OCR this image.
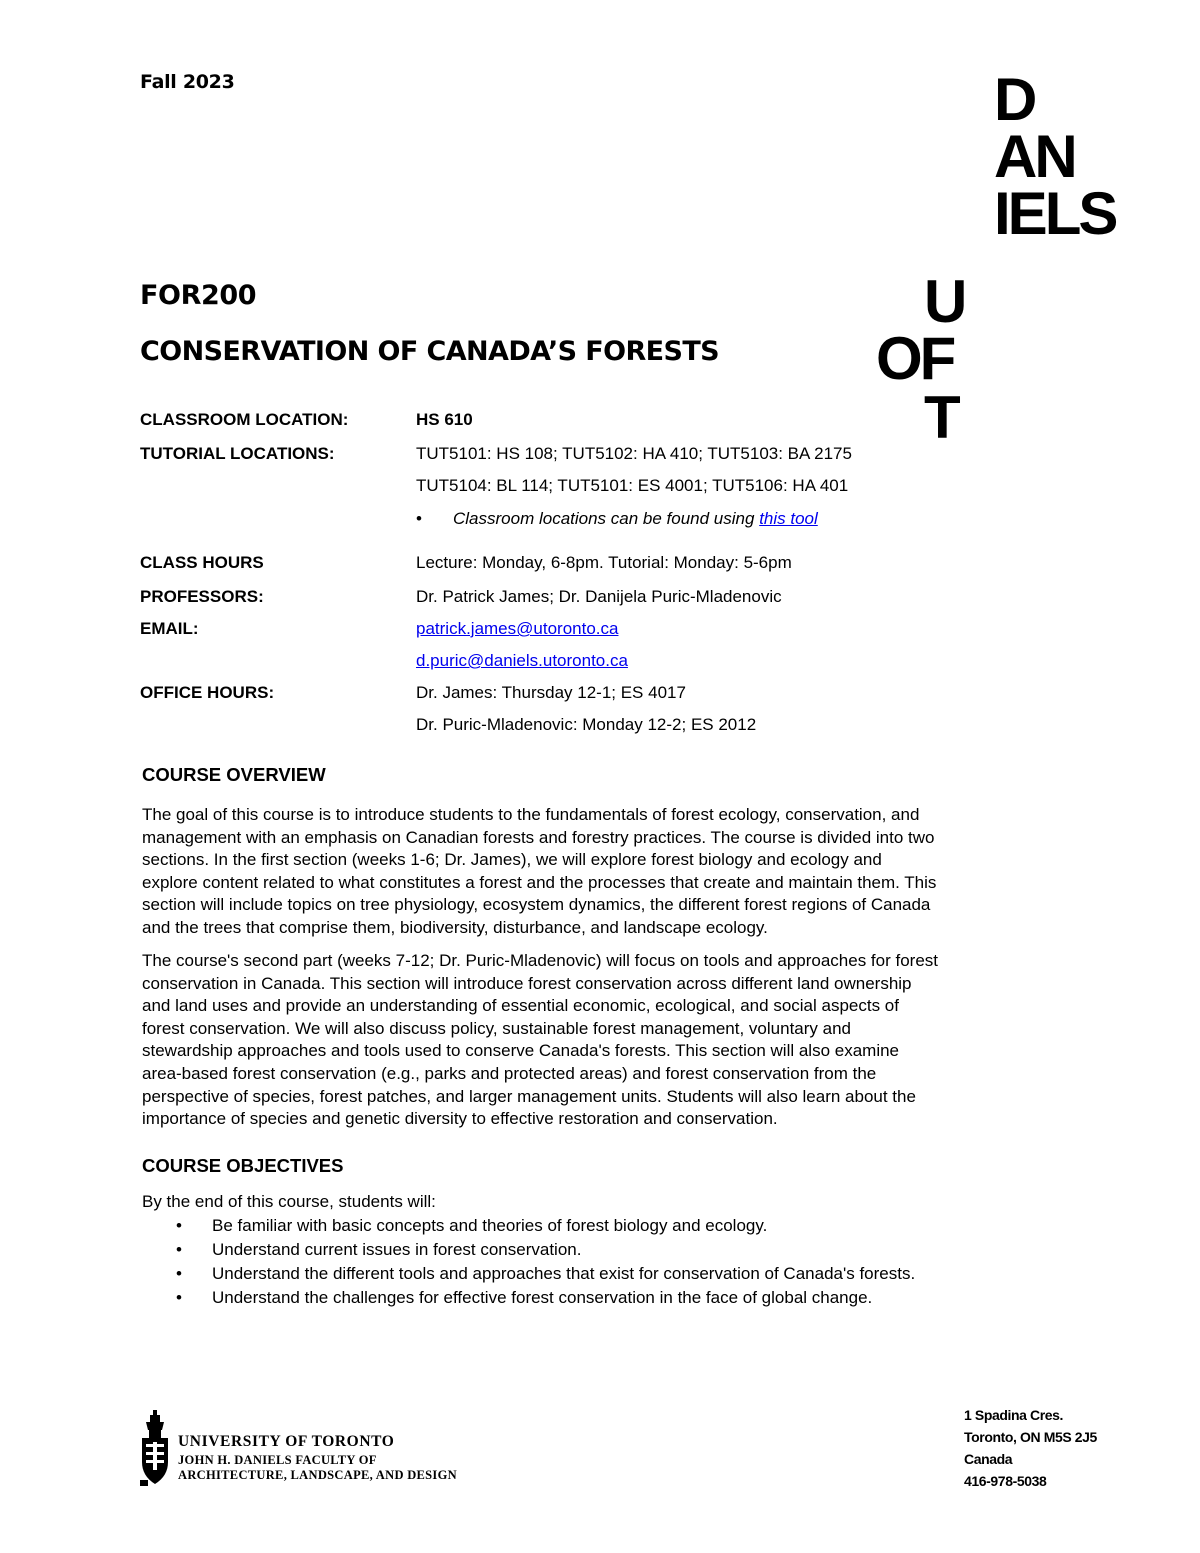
Fall 2023	D
AN
IELS
U
OF
T
FOR200
CONSERVATION OF CANADA’S FORESTS
CLASSROOM LOCATION:	HS 610
TUTORIAL LOCATIONS:	TUT5101: HS 108; TUT5102: HA 410; TUT5103: BA 2175
TUT5104: BL 114; TUT5101: ES 4001; TUT5106: HA 401
• Classroom locations can be found using this tool
CLASS HOURS	Lecture: Monday, 6-8pm. Tutorial: Monday: 5-6pm
PROFESSORS:	Dr. Patrick James; Dr. Danijela Puric-Mladenovic
EMAIL:	patrick.james@utoronto.ca
d.puric@daniels.utoronto.ca
OFFICE HOURS:	Dr. James: Thursday 12-1; ES 4017
Dr. Puric-Mladenovic: Monday 12-2; ES 2012
COURSE OVERVIEW
The goal of this course is to introduce students to the fundamentals of forest ecology, conservation, and
management with an emphasis on Canadian forests and forestry practices. The course is divided into two
sections. In the first section (weeks 1-6; Dr. James), we will explore forest biology and ecology and
explore content related to what constitutes a forest and the processes that create and maintain them. This
section will include topics on tree physiology, ecosystem dynamics, the different forest regions of Canada
and the trees that comprise them, biodiversity, disturbance, and landscape ecology.
The course's second part (weeks 7-12; Dr. Puric-Mladenovic) will focus on tools and approaches for forest
conservation in Canada. This section will introduce forest conservation across different land ownership
and land uses and provide an understanding of essential economic, ecological, and social aspects of
forest conservation. We will also discuss policy, sustainable forest management, voluntary and
stewardship approaches and tools used to conserve Canada's forests. This section will also examine
area-based forest conservation (e.g., parks and protected areas) and forest conservation from the
perspective of species, forest patches, and larger management units. Students will also learn about the
importance of species and genetic diversity to effective restoration and conservation.
COURSE OBJECTIVES
By the end of this course, students will:
• Be familiar with basic concepts and theories of forest biology and ecology.
• Understand current issues in forest conservation.
• Understand the different tools and approaches that exist for conservation of Canada's forests.
• Understand the challenges for effective forest conservation in the face of global change.
UNIVERSITY OF TORONTO
JOHN H. DANIELS FACULTY OF
ARCHITECTURE, LANDSCAPE, AND DESIGN
1 Spadina Cres.
Toronto, ON M5S 2J5
Canada
416-978-5038
